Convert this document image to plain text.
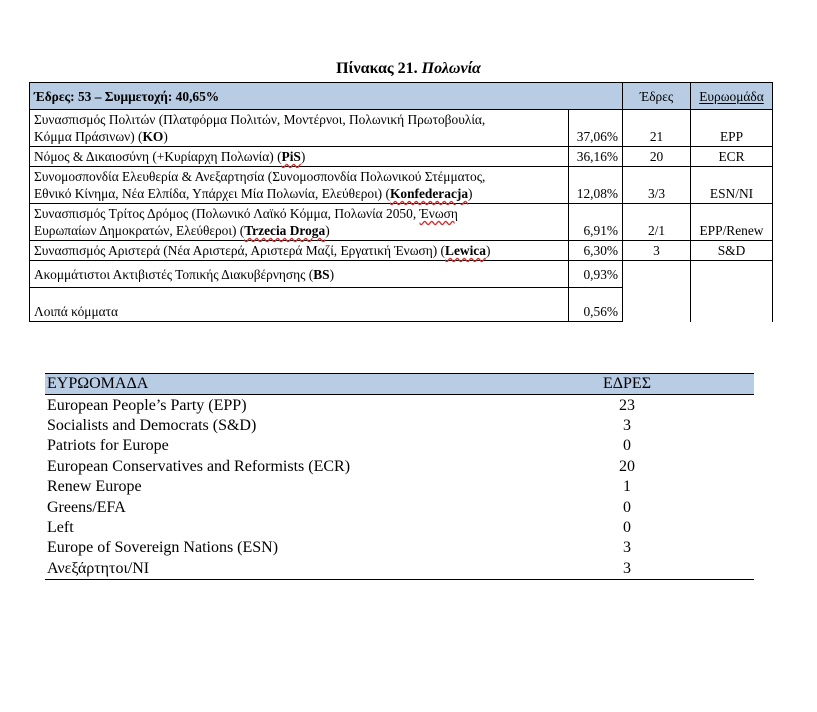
Πίνακας 21. Πολωνία
Έδρες: 53 – Συμμετοχή: 40,65%		Έδρες	Ευρωομάδα
Συνασπισμός Πολιτών (Πλατφόρμα Πολιτών, Μοντέρνοι, Πολωνική Πρωτοβουλία,
Κόμμα Πράσινων) (KO)	37,06%	21	EPP
Νόμος & Δικαιοσύνη (+Κυρίαρχη Πολωνία) (PiS)	36,16%	20	ECR
Συνομοσπονδία Ελευθερία & Ανεξαρτησία (Συνομοσπονδία Πολωνικού Στέμματος,
Εθνικό Κίνημα, Νέα Ελπίδα, Υπάρχει Μία Πολωνία, Ελεύθεροι) (Konfederacja)	12,08%	3/3	ESN/NI
Συνασπισμός Τρίτος Δρόμος (Πολωνικό Λαϊκό Κόμμα, Πολωνία 2050, Ένωση
Ευρωπαίων Δημοκρατών, Ελεύθεροι) (Trzecia Droga)	6,91%	2/1	EPP/Renew
Συνασπισμός Αριστερά (Νέα Αριστερά, Αριστερά Μαζί, Εργατική Ένωση) (Lewica)	6,30%	3	S&D
Ακομμάτιστοι Ακτιβιστές Τοπικής Διακυβέρνησης (BS)	0,93%		
Λοιπά κόμματα	0,56%		
ΕΥΡΩΟΜΑΔΑ	ΕΔΡΕΣ
European People’s Party (EPP)	23
Socialists and Democrats (S&D)	3
Patriots for Europe	0
European Conservatives and Reformists (ECR)	20
Renew Europe	1
Greens/EFA	0
Left	0
Europe of Sovereign Nations (ESN)	3
Ανεξάρτητοι/NI	3
